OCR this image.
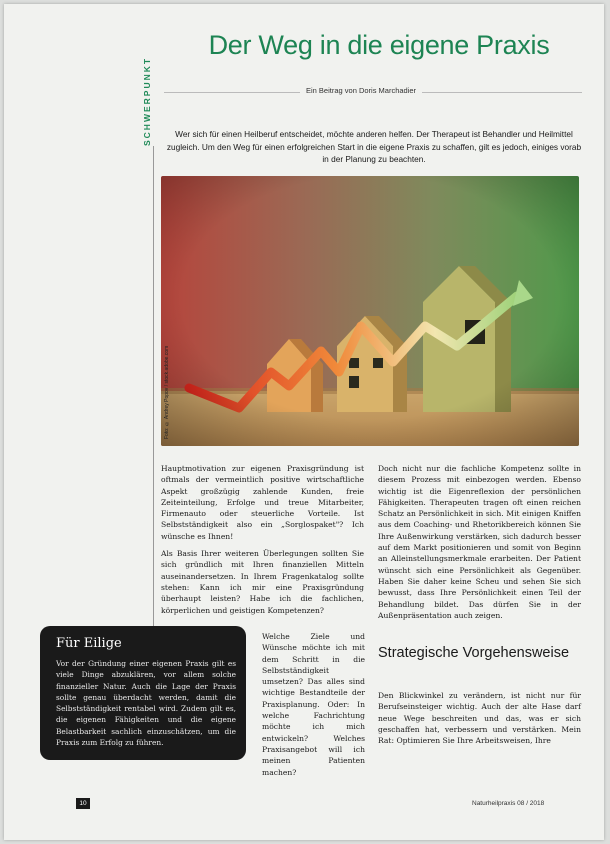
SCHWERPUNKT
Der Weg in die eigene Praxis
Ein Beitrag von Doris Marchadier
Wer sich für einen Heilberuf entscheidet, möchte anderen helfen. Der Therapeut ist Behandler und Heilmittel zugleich. Um den Weg für einen erfolgreichen Start in die eigene Praxis zu schaffen, gilt es jedoch, einiges vorab in der Planung zu beachten.
Foto: © Andrey Popov / stock.adobe.com

Hauptmotivation zur eigenen Praxisgründung ist oftmals der vermeintlich positive wirtschaftliche Aspekt großzügig zahlende Kunden, freie Zeiteinteilung, Erfolge und treue Mitarbeiter, Firmenauto oder steuerliche Vorteile. Ist Selbstständigkeit also ein „Sorglospaket"? Ich wünsche es Ihnen!

Als Basis Ihrer weiteren Überlegungen sollten Sie sich gründlich mit Ihren finanziellen Mitteln auseinandersetzen. In Ihrem Fragenkatalog sollte stehen: Kann ich mir eine Praxisgründung überhaupt leisten? Habe ich die fachlichen, körperlichen und geistigen Kompetenzen?

Welche Ziele und Wünsche möchte ich mit dem Schritt in die Selbstständigkeit umsetzen? Das alles sind wichtige Bestandteile der Praxisplanung. Oder: In welche Fachrichtung möchte ich mich entwickeln? Welches Praxisangebot will ich meinen Patienten machen?

Doch nicht nur die fachliche Kompetenz sollte in diesem Prozess mit einbezogen werden. Ebenso wichtig ist die Eigenreflexion der persönlichen Fähigkeiten. Therapeuten tragen oft einen reichen Schatz an Persönlichkeit in sich. Mit einigen Kniffen aus dem Coaching- und Rhetorikbereich können Sie Ihre Außenwirkung verstärken, sich dadurch besser auf dem Markt positionieren und somit von Beginn an Alleinstellungsmerkmale erarbeiten. Der Patient wünscht sich eine Persönlichkeit als Gegenüber. Haben Sie daher keine Scheu und sehen Sie sich bewusst, dass Ihre Persönlichkeit einen Teil der Behandlung bildet. Das dürfen Sie in der Außenpräsentation auch zeigen.

Strategische Vorgehensweise

Den Blickwinkel zu verändern, ist nicht nur für Berufseinsteiger wichtig. Auch der alte Hase darf neue Wege beschreiten und das, was er sich geschaffen hat, verbessern und verstärken. Mein Rat: Optimieren Sie Ihre Arbeitsweisen, Ihre

Für Eilige
Vor der Gründung einer eigenen Praxis gilt es viele Dinge abzuklären, vor allem solche finanzieller Natur. Auch die Lage der Praxis sollte genau überdacht werden, damit die Selbstständigkeit rentabel wird. Zudem gilt es, die eigenen Fähigkeiten und die eigene Belastbarkeit sachlich einzuschätzen, um die Praxis zum Erfolg zu führen.
10	Naturheilpraxis 08 / 2018
